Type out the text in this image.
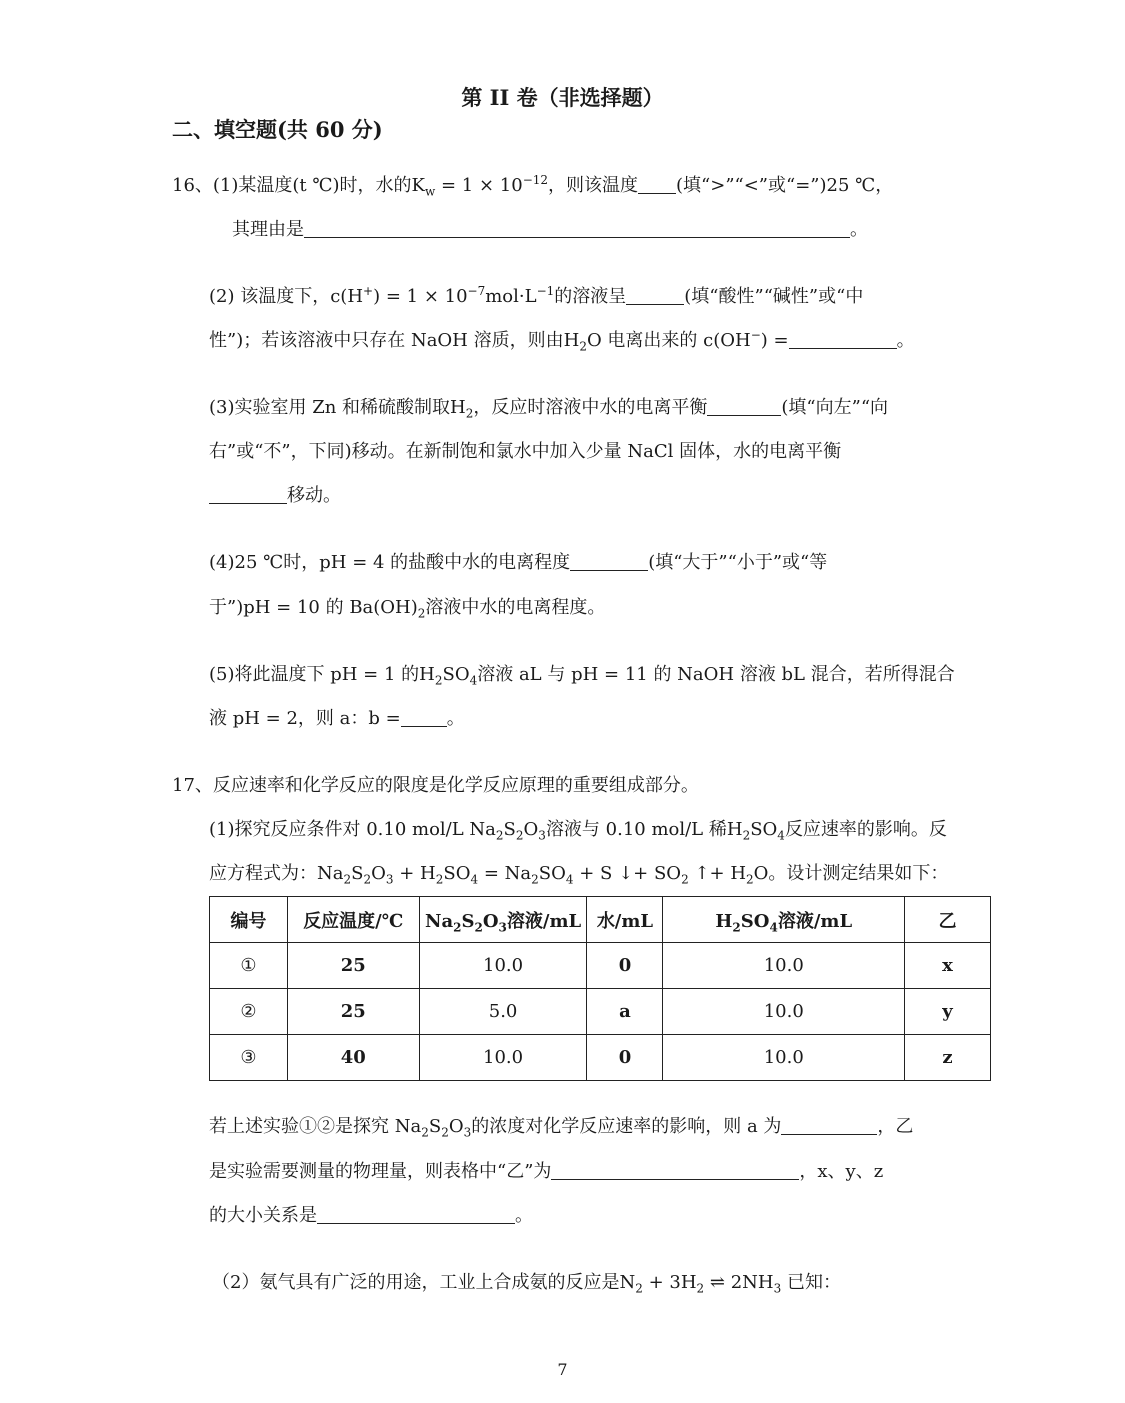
第 II 卷（非选择题）
二、填空题(共 60 分)
16、(1)某温度(t ℃)时，水的$K_w = 1 \times 10^{-12}$，则该温度 (填“>”“<”或“=”)25 ℃，
其理由是	。
(2) 该温度下，$c(H^+) = 1 \times 10^{-7}mol\cdot L^{-1}$的溶液呈	(填“酸性”“碱性”或“中
性”)；若该溶液中只存在 NaOH 溶质，则由$H_2O$ 电离出来的 c(OH−) =	。
(3)实验室用 Zn 和稀硫酸制取$H_2$，反应时溶液中水的电离平衡	(填“向左”“向
右”或“不”，下同)移动。在新制饱和氯水中加入少量 NaCl 固体，水的电离平衡
移动。
(4)25 ℃时，pH = 4 的盐酸中水的电离程度	(填“大于”“小于”或“等
于”)pH = 10 的 $Ba(OH)_2$溶液中水的电离程度。
(5)将此温度下 pH = 1 的$H_2SO_4$溶液 aL 与 pH = 11 的 NaOH 溶液 bL 混合，若所得混合
液 pH = 2，则 a：b =	。
17、反应速率和化学反应的限度是化学反应原理的重要组成部分。
(1)探究反应条件对 0.10 mol/L $Na_2S_2O_3$溶液与 0.10 mol/L 稀$H_2SO_4$反应速率的影响。反
应方程式为：$Na_2S_2O_3 + H_2SO_4 = Na_2SO_4 + S$ ↓+ $SO_2$ ↑+ $H_2O$。设计测定结果如下：
编号	反应温度/℃	$Na_2S_2O_3$溶液/mL	水/mL	$H_2SO_4$溶液/mL	乙
①	25	10.0	0	10.0	x
②	25	5.0	a	10.0	y
③	40	10.0	0	10.0	z
若上述实验①②是探究 $Na_2S_2O_3$的浓度对化学反应速率的影响，则 a 为	，乙
是实验需要测量的物理量，则表格中“乙”为	，x、y、z
的大小关系是	。
（2）氨气具有广泛的用途，工业上合成氨的反应是$N_2 + 3H_2$ ⇌ $2NH_3$ 已知：
7
